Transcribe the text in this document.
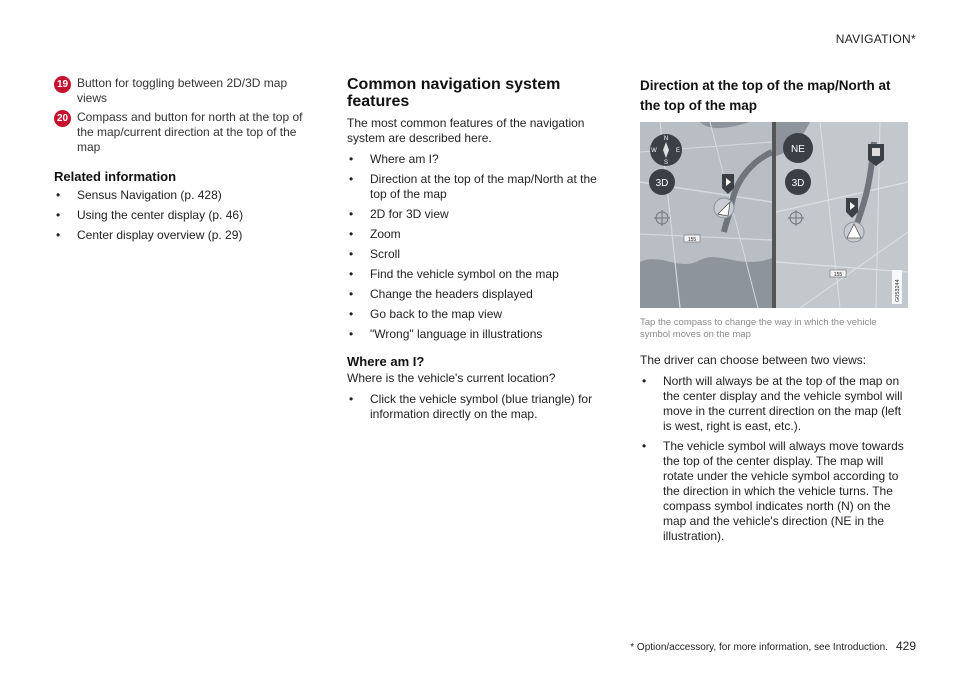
NAVIGATION*
19 Button for toggling between 2D/3D map views
20 Compass and button for north at the top of the map/current direction at the top of the map
Related information
• Sensus Navigation (p. 428)
• Using the center display (p. 46)
• Center display overview (p. 29)
Common navigation system features

The most common features of the navigation system are described here.

• Where am I?
• Direction at the top of the map/North at the top of the map
• 2D for 3D view
• Zoom
• Scroll
• Find the vehicle symbol on the map
• Change the headers displayed
• Go back to the map view
• "Wrong" language in illustrations
Where am I?

Where is the vehicle's current location?

• Click the vehicle symbol (blue triangle) for information directly on the map.
Direction at the top of the map/North at the top of the map
N
S
W	E
3D
155
NE
3D
155
G053244
Tap the compass to change the way in which the vehicle symbol moves on the map

The driver can choose between two views:

• North will always be at the top of the map on the center display and the vehicle symbol will move in the current direction on the map (left is west, right is east, etc.).
• The vehicle symbol will always move towards the top of the center display. The map will rotate under the vehicle symbol according to the direction in which the vehicle turns. The compass symbol indicates north (N) on the map and the vehicle's direction (NE in the illustration).
* Option/accessory, for more information, see Introduction. 429
